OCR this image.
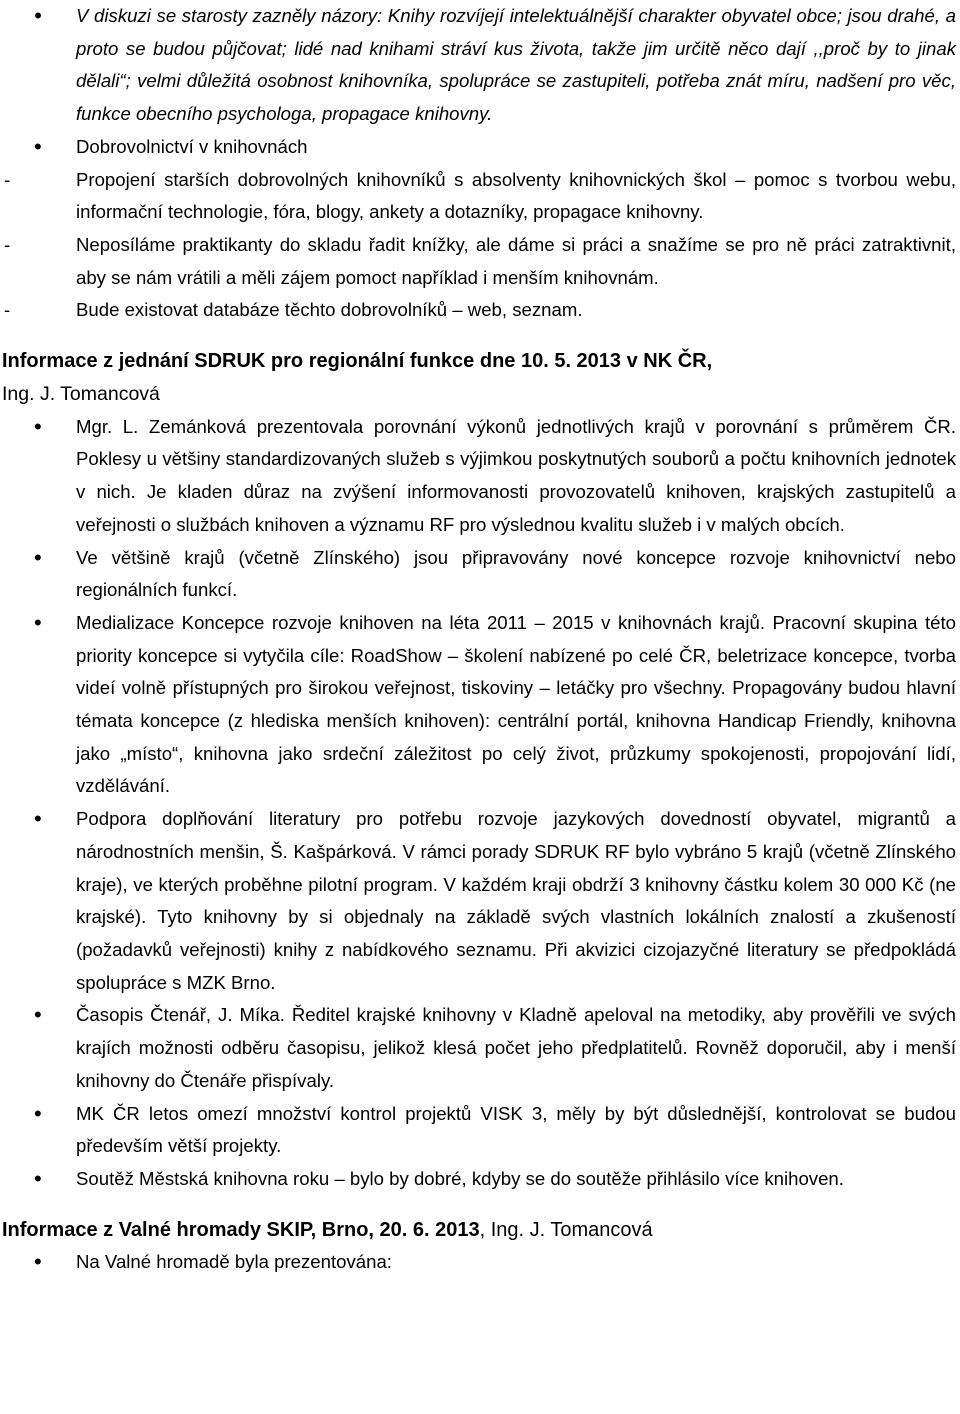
• V diskuzi se starosty zazněly názory: Knihy rozvíjejí intelektuálnější charakter obyvatel obce; jsou drahé, a proto se budou půjčovat; lidé nad knihami stráví kus života, takže jim určitě něco dají ,,proč by to jinak dělali“; velmi důležitá osobnost knihovníka, spolupráce se zastupiteli, potřeba znát míru, nadšení pro věc, funkce obecního psychologa, propagace knihovny.
• Dobrovolnictví v knihovnách
-	Propojení starších dobrovolných knihovníků s absolventy knihovnických škol – pomoc s tvorbou webu, informační technologie, fóra, blogy, ankety a dotazníky, propagace knihovny.
-	Neposíláme praktikanty do skladu řadit knížky, ale dáme si práci a snažíme se pro ně práci zatraktivnit, aby se nám vrátili a měli zájem pomoct například i menším knihovnám.
-	Bude existovat databáze těchto dobrovolníků – web, seznam.
Informace z jednání SDRUK pro regionální funkce dne 10. 5. 2013 v NK ČR,
Ing. J. Tomancová
• Mgr. L. Zemánková prezentovala porovnání výkonů jednotlivých krajů v porovnání s průměrem ČR. Poklesy u většiny standardizovaných služeb s výjimkou poskytnutých souborů a počtu knihovních jednotek v nich. Je kladen důraz na zvýšení informovanosti provozovatelů knihoven, krajských zastupitelů a veřejnosti o službách knihoven a významu RF pro výslednou kvalitu služeb i v malých obcích.
• Ve většině krajů (včetně Zlínského) jsou připravovány nové koncepce rozvoje knihovnictví nebo regionálních funkcí.
• Medializace Koncepce rozvoje knihoven na léta 2011 – 2015 v knihovnách krajů. Pracovní skupina této priority koncepce si vytyčila cíle: RoadShow – školení nabízené po celé ČR, beletrizace koncepce, tvorba videí volně přístupných pro širokou veřejnost, tiskoviny – letáčky pro všechny. Propagovány budou hlavní témata koncepce (z hlediska menších knihoven): centrální portál, knihovna Handicap Friendly, knihovna jako „místo“, knihovna jako srdeční záležitost po celý život, průzkumy spokojenosti, propojování lidí, vzdělávání.
• Podpora doplňování literatury pro potřebu rozvoje jazykových dovedností obyvatel, migrantů a národnostních menšin, Š. Kašpárková. V rámci porady SDRUK RF bylo vybráno 5 krajů (včetně Zlínského kraje), ve kterých proběhne pilotní program. V každém kraji obdrží 3 knihovny částku kolem 30 000 Kč (ne krajské). Tyto knihovny by si objednaly na základě svých vlastních lokálních znalostí a zkušeností (požadavků veřejnosti) knihy z nabídkového seznamu. Při akvizici cizojazyčné literatury se předpokládá spolupráce s MZK Brno.
• Časopis Čtenář, J. Míka. Ředitel krajské knihovny v Kladně apeloval na metodiky, aby prověřili ve svých krajích možnosti odběru časopisu, jelikož klesá počet jeho předplatitelů. Rovněž doporučil, aby i menší knihovny do Čtenáře přispívaly.
• MK ČR letos omezí množství kontrol projektů VISK 3, měly by být důslednější, kontrolovat se budou především větší projekty.
• Soutěž Městská knihovna roku – bylo by dobré, kdyby se do soutěže přihlásilo více knihoven.
Informace z Valné hromady SKIP, Brno, 20. 6. 2013, Ing. J. Tomancová
• Na Valné hromadě byla prezentována:
